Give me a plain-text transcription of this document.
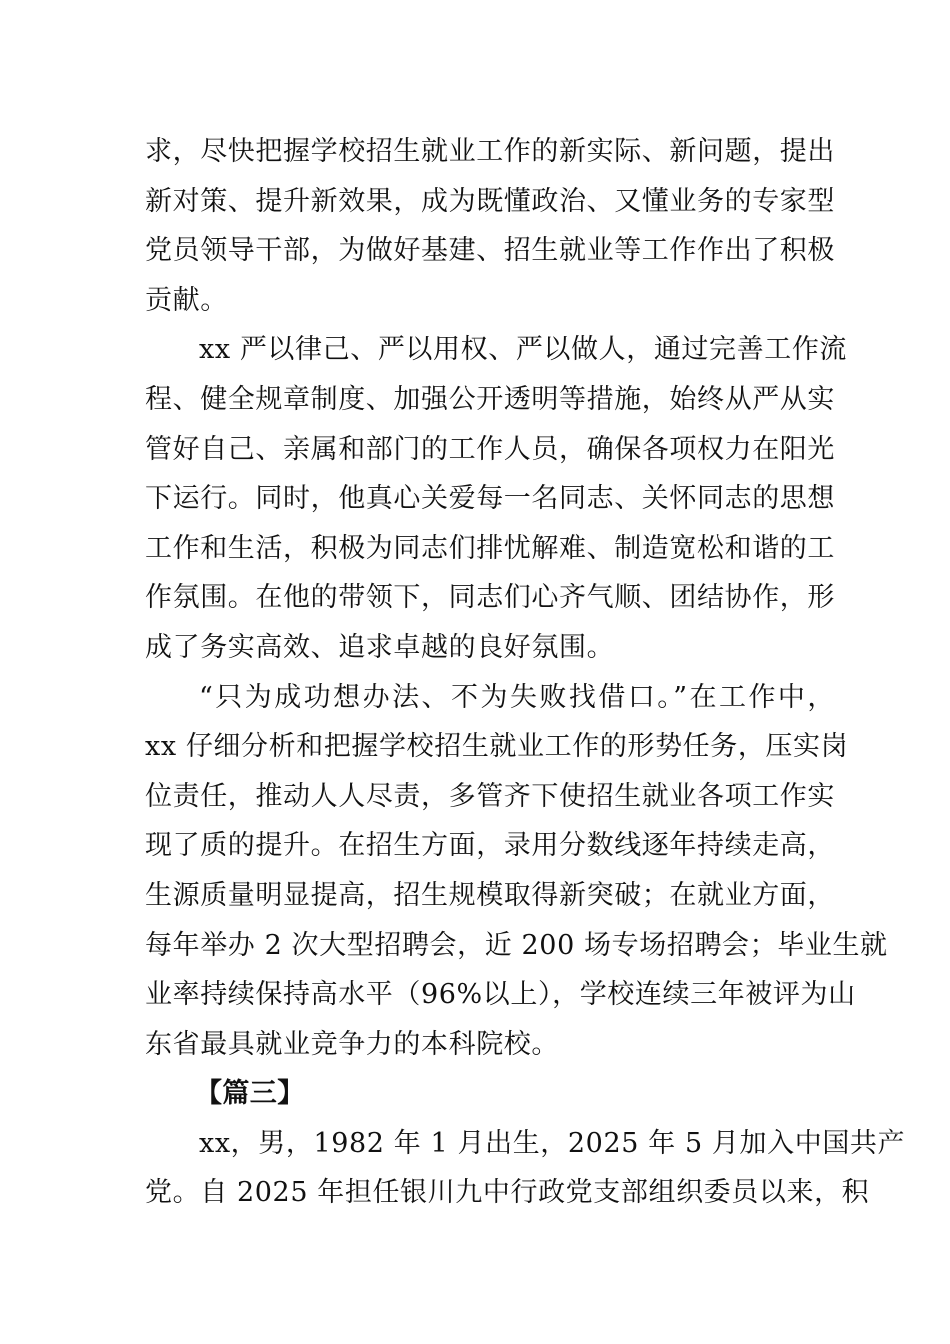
求，尽快把握学校招生就业工作的新实际、新问题，提出
新对策、提升新效果，成为既懂政治、又懂业务的专家型
党员领导干部，为做好基建、招生就业等工作作出了积极
贡献。
xx 严以律己、严以用权、严以做人，通过完善工作流
程、健全规章制度、加强公开透明等措施，始终从严从实
管好自己、亲属和部门的工作人员，确保各项权力在阳光
下运行。同时，他真心关爱每一名同志、关怀同志的思想
工作和生活，积极为同志们排忧解难、制造宽松和谐的工
作氛围。在他的带领下，同志们心齐气顺、团结协作，形
成了务实高效、追求卓越的良好氛围。
“只为成功想办法、不为失败找借口。”在工作中，
xx 仔细分析和把握学校招生就业工作的形势任务，压实岗
位责任，推动人人尽责，多管齐下使招生就业各项工作实
现了质的提升。在招生方面，录用分数线逐年持续走高，
生源质量明显提高，招生规模取得新突破；在就业方面，
每年举办 2 次大型招聘会，近 200 场专场招聘会；毕业生就
业率持续保持高水平（96%以上），学校连续三年被评为山
东省最具就业竞争力的本科院校。
【篇三】
xx，男，1982 年 1 月出生，2025 年 5 月加入中国共产
党。自 2025 年担任银川九中行政党支部组织委员以来，积
